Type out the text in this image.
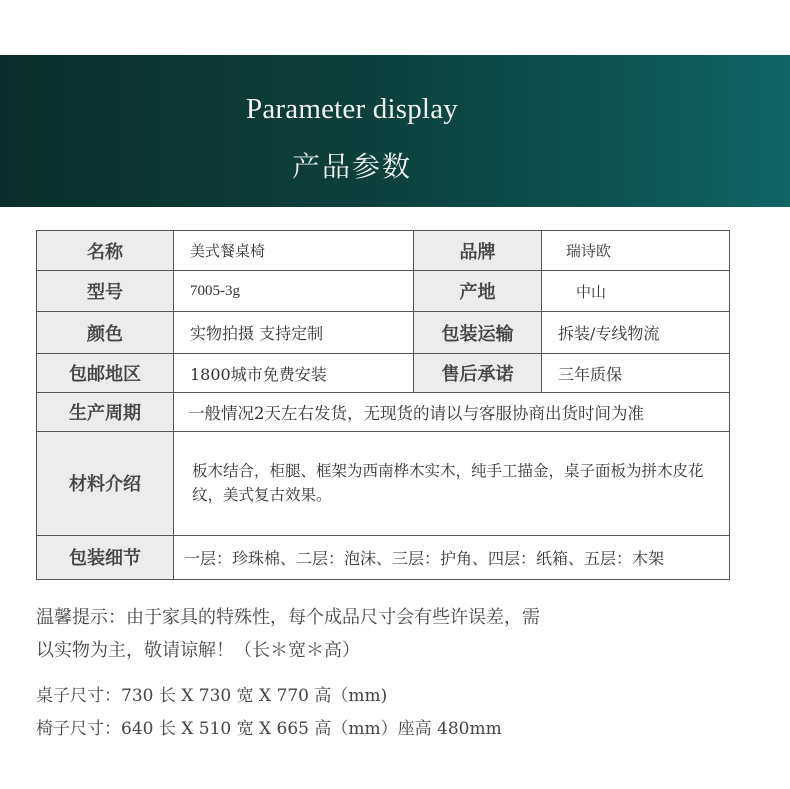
Parameter display
产品参数
名称	美式餐桌椅	品牌	瑞诗欧
型号	7005-3g	产地	中山
颜色	实物拍摄 支持定制	包装运输	拆装/专线物流
包邮地区	1800城市免费安装	售后承诺	三年质保
生产周期	一般情况2天左右发货，无现货的请以与客服协商出货时间为准		
材料介绍	板木结合，柜腿、框架为西南桦木实木，纯手工描金，桌子面板为拼木皮花纹，美式复古效果。		
包装细节	一层：珍珠棉、二层：泡沫、三层：护角、四层：纸箱、五层：木架		
温馨提示：由于家具的特殊性，每个成品尺寸会有些许误差，需
以实物为主，敬请谅解！（长＊宽＊高）
桌子尺寸：730 长 X 730 宽 X 770 高（mm)
椅子尺寸：640 长 X 510 宽 X 665 高（mm）座高 480mm
